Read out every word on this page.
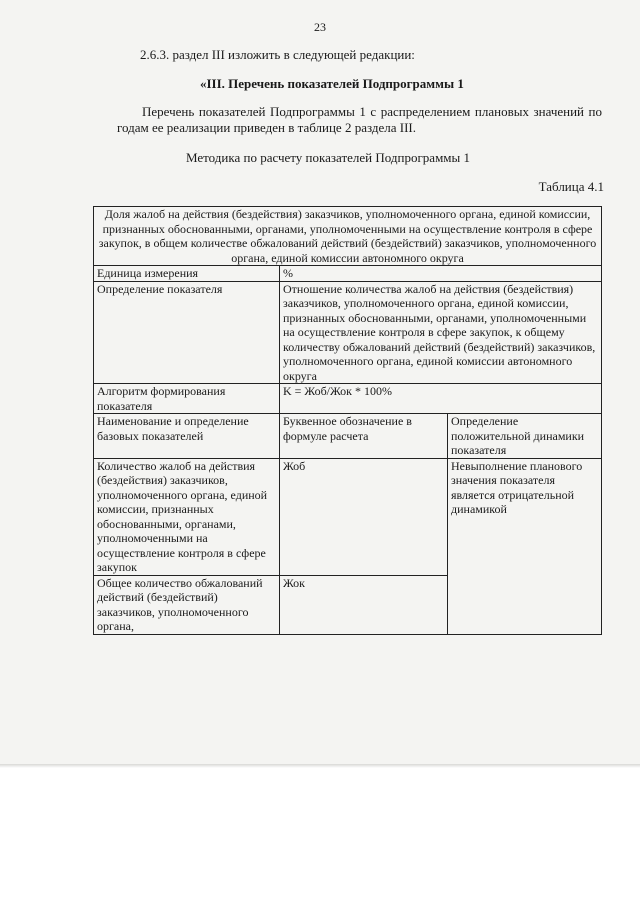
23
2.6.3. раздел III изложить в следующей редакции:
«III. Перечень показателей Подпрограммы 1
Перечень показателей Подпрограммы 1 с распределением плановых значений по годам ее реализации приведен в таблице 2 раздела III.
Методика по расчету показателей Подпрограммы 1
Таблица 4.1
Доля жалоб на действия (бездействия) заказчиков, уполномоченного органа, единой комиссии, признанных обоснованными, органами, уполномоченными на осуществление контроля в сфере закупок, в общем количестве обжалований действий (бездействий) заказчиков, уполномоченного органа, единой комиссии автономного округа		
Единица измерения	%	
Определение показателя	Отношение количества жалоб на действия (бездействия) заказчиков, уполномоченного органа, единой комиссии, признанных обоснованными, органами, уполномоченными на осуществление контроля в сфере закупок, к общему количеству обжалований действий (бездействий) заказчиков, уполномоченного органа, единой комиссии автономного округа	
Алгоритм формирования показателя	K = Жоб/Жок * 100%	
Наименование и определение базовых показателей	Буквенное обозначение в формуле расчета	Определение положительной динамики показателя
Количество жалоб на действия (бездействия) заказчиков, уполномоченного органа, единой комиссии, признанных обоснованными, органами, уполномоченными на осуществление контроля в сфере закупок	Жоб	Невыполнение планового значения показателя является отрицательной динамикой
Общее количество обжалований действий (бездействий) заказчиков, уполномоченного органа,	Жок	
